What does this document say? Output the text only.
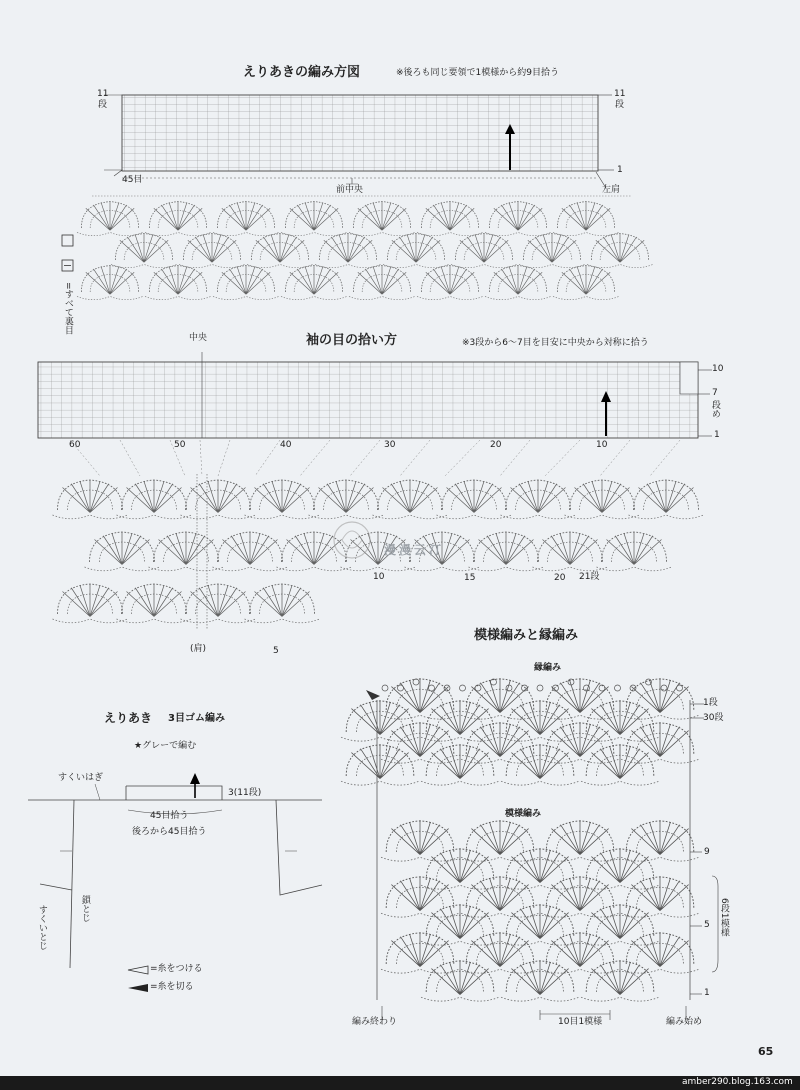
えりあきの編み方図	※後ろも同じ要領で1模様から約9目拾う
11
段
11
段
1
45目
前中央	左肩
=すべて裏目
袖の目の拾い方	※3段から6〜7目を目安に中央から対称に拾う
中央
10
7
段め
1
60	50	40	30	20	10
10	15	20 21段
(肩)	5
漫漫云汀
模様編みと縁編み
縁編み
1段
30段
模様編み
9
5
1
6段1模様
10目1模様
編み終わり	編み始め
えりあき 3目ゴム編み
★グレーで編む
3(11段)
45目拾う
後ろから45目拾う
すくいはぎ
鎖とじ
すくいとじ
=糸をつける
=糸を切る
65
amber290.blog.163.com
